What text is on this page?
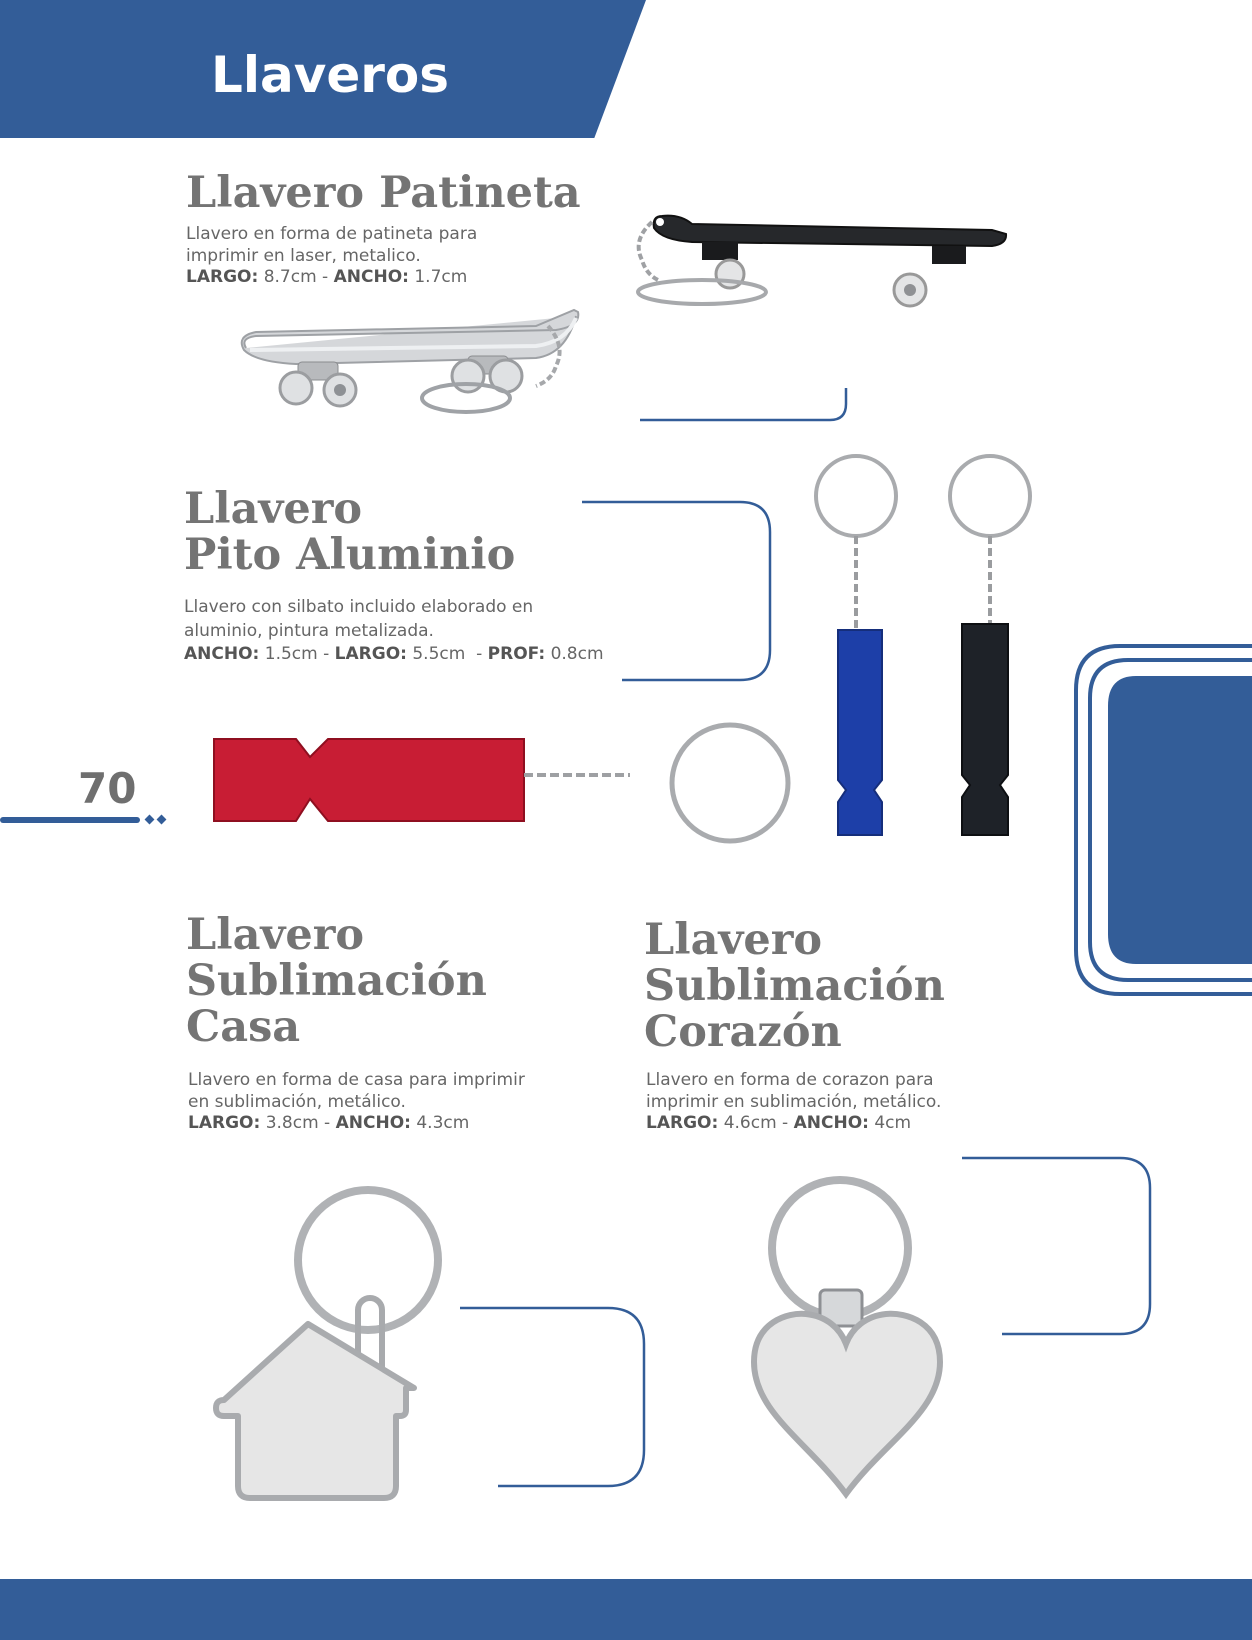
Llaveros
Llavero Patineta

Llavero en forma de patineta para
imprimir en laser, metalico.
LARGO: 8.7cm - ANCHO: 1.7cm

Llavero
Pito Aluminio

Llavero con silbato incluido elaborado en
aluminio, pintura metalizada.
ANCHO: 1.5cm - LARGO: 5.5cm  - PROF: 0.8cm

70

Llavero
Sublimación
Casa

Llavero en forma de casa para imprimir
en sublimación, metálico.
LARGO: 3.8cm - ANCHO: 4.3cm

Llavero
Sublimación
Corazón

Llavero en forma de corazon para
imprimir en sublimación, metálico.
LARGO: 4.6cm - ANCHO: 4cm
